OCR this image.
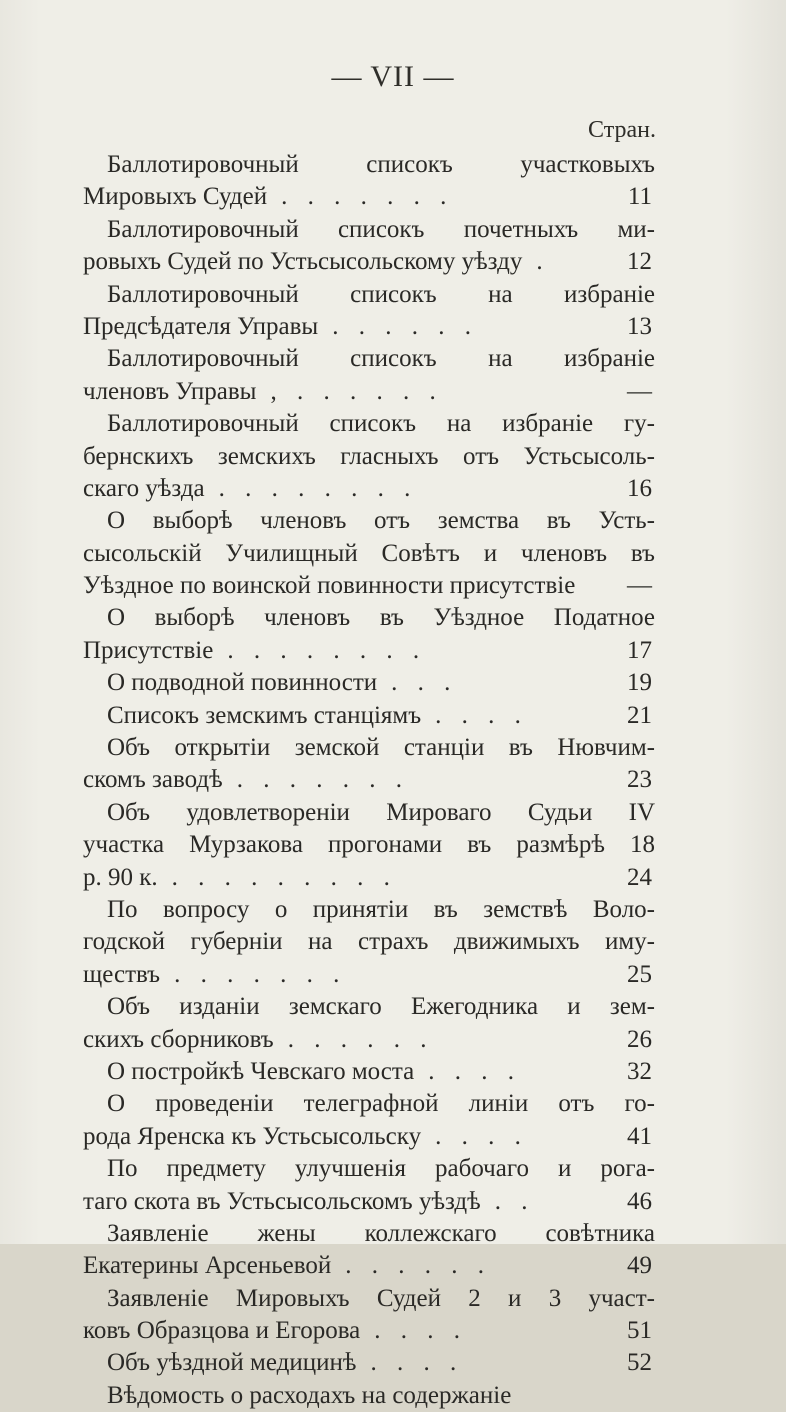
— VII —
Стран.
Баллотировочный списокъ участковыхъ
Мировыхъ Судей . . . . . . .	11
Баллотировочный списокъ почетныхъ ми-
ровыхъ Судей по Устьсысольскому уѣзду .	12
Баллотировочный списокъ на избраніе
Предсѣдателя Управы . . . . . .	13
Баллотировочный списокъ на избраніе
членовъ Управы , . . . . . .	—
Баллотировочный списокъ на избраніе гу-
бернскихъ земскихъ гласныхъ отъ Устьсысоль-
скаго уѣзда . . . . . . . .	16
О выборѣ членовъ отъ земства въ Усть-
сысольскій Училищный Совѣтъ и членовъ въ
Уѣздное по воинской повинности присутствіе	—
О выборѣ членовъ въ Уѣздное Податное
Присутствіе . . . . . . . .	17
О подводной повинности . . .	19
Списокъ земскимъ станціямъ . . . .	21
Объ открытіи земской станціи въ Нювчим-
скомъ заводѣ . . . . . . .	23
Объ удовлетвореніи Мироваго Судьи IV
участка Мурзакова прогонами въ размѣрѣ 18
р. 90 к. . . . . . . . . .	24
По вопросу о принятіи въ земствѣ Воло-
годской губерніи на страхъ движимыхъ иму-
ществъ . . . . . . .	25
Объ изданіи земскаго Ежегодника и зем-
скихъ сборниковъ . . . . . .	26
О постройкѣ Чевскаго моста . . . .	32
О проведеніи телеграфной линіи отъ го-
рода Яренска къ Устьсысольску . . . .	41
По предмету улучшенія рабочаго и рога-
таго скота въ Устьсысольскомъ уѣздѣ . .	46
Заявленіе жены коллежскаго совѣтника
Екатерины Арсеньевой . . . . . .	49
Заявленіе Мировыхъ Судей 2 и 3 участ-
ковъ Образцова и Егорова . . . .	51
Объ уѣздной медицинѣ . . . .	52
Вѣдомость о расходахъ на содержаніе
